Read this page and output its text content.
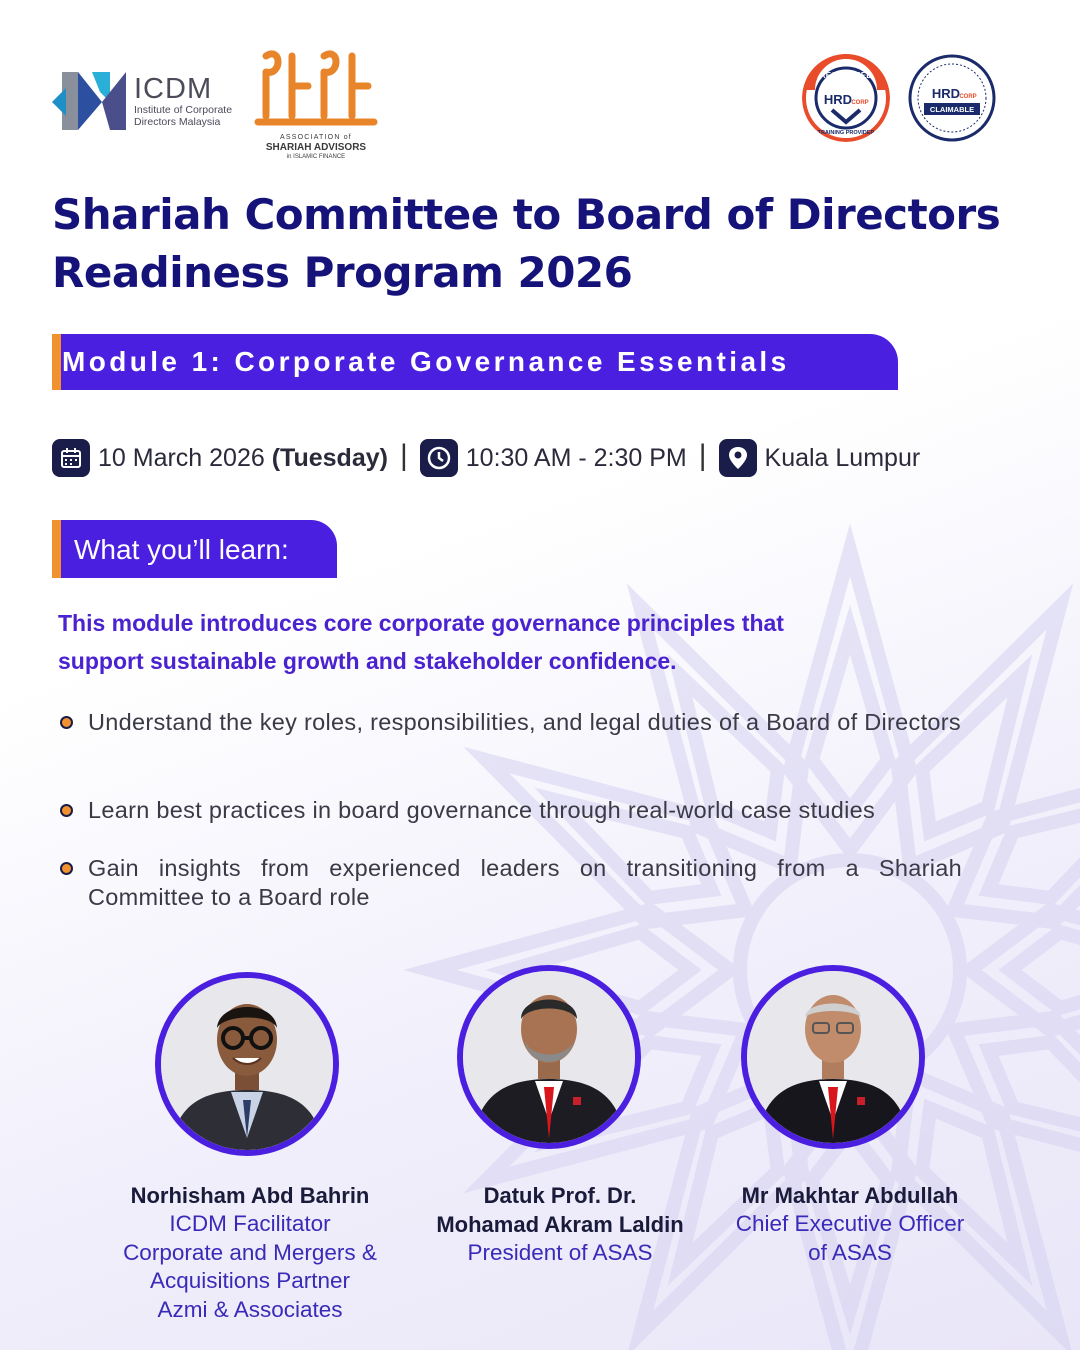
ICDM
Institute of Corporate
Directors Malaysia
ASSOCIATION of
SHARIAH ADVISORS
in ISLAMIC FINANCE
REGISTERED
HRD CORP
TRAINING PROVIDER
HRD CORP
CLAIMABLE
Shariah Committee to Board of Directors
Readiness Program 2026
Module 1: Corporate Governance Essentials
10 March 2026
(Tuesday) | 10:30 AM - 2:30 PM | Kuala Lumpur
What you’ll learn:
This module introduces core corporate governance principles that
support sustainable growth and stakeholder confidence.
Understand the key roles, responsibilities, and legal duties of a Board of Directors
Learn best practices in board governance through real-world case studies
Gain insights from experienced leaders on transitioning from a Shariah Committee to a Board role
Norhisham Abd Bahrin
ICDM Facilitator
Corporate and Mergers &
Acquisitions Partner
Azmi & Associates
Datuk Prof. Dr.
Mohamad Akram Laldin
President of ASAS
Mr Makhtar Abdullah
Chief Executive Officer
of ASAS
